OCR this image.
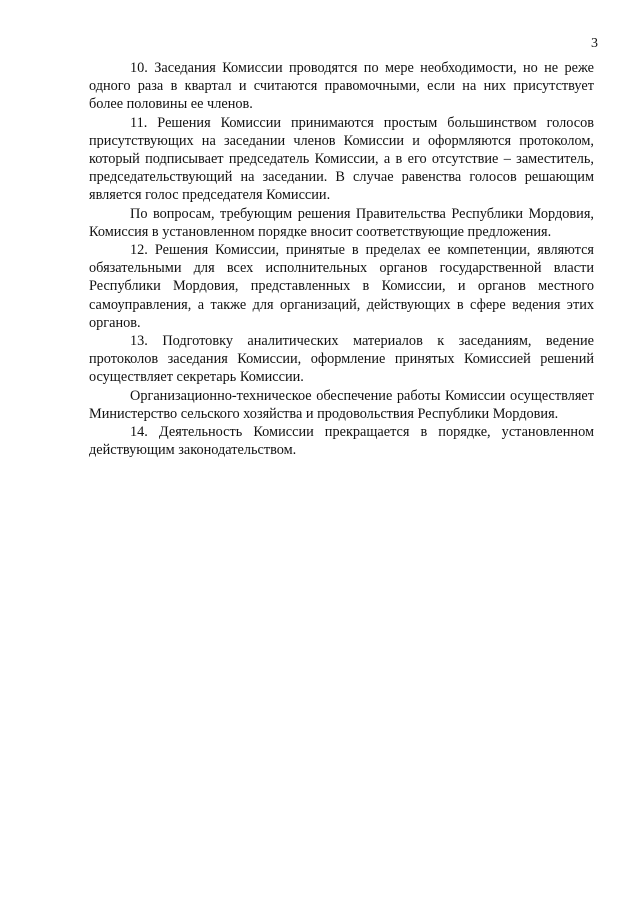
3

10. Заседания Комиссии проводятся по мере необходимости, но не реже одного раза в квартал и считаются правомочными, если на них присутствует более половины ее членов.

11. Решения Комиссии принимаются простым большинством голосов присутствующих на заседании членов Комиссии и оформляются протоколом, который подписывает председатель Комиссии, а в его отсутствие – заместитель, председательствующий на заседании. В случае равенства голосов решающим является голос председателя Комиссии.

По вопросам, требующим решения Правительства Республики Мордовия, Комиссия в установленном порядке вносит соответствующие предложения.

12. Решения Комиссии, принятые в пределах ее компетенции, являются обязательными для всех исполнительных органов государственной власти Республики Мордовия, представленных в Комиссии, и органов местного самоуправления, а также для организаций, действующих в сфере ведения этих органов.

13. Подготовку аналитических материалов к заседаниям, ведение протоколов заседания Комиссии, оформление принятых Комиссией решений осуществляет секретарь Комиссии.

Организационно-техническое обеспечение работы Комиссии осуществляет Министерство сельского хозяйства и продовольствия Республики Мордовия.

14. Деятельность Комиссии прекращается в порядке, установленном действующим законодательством.
